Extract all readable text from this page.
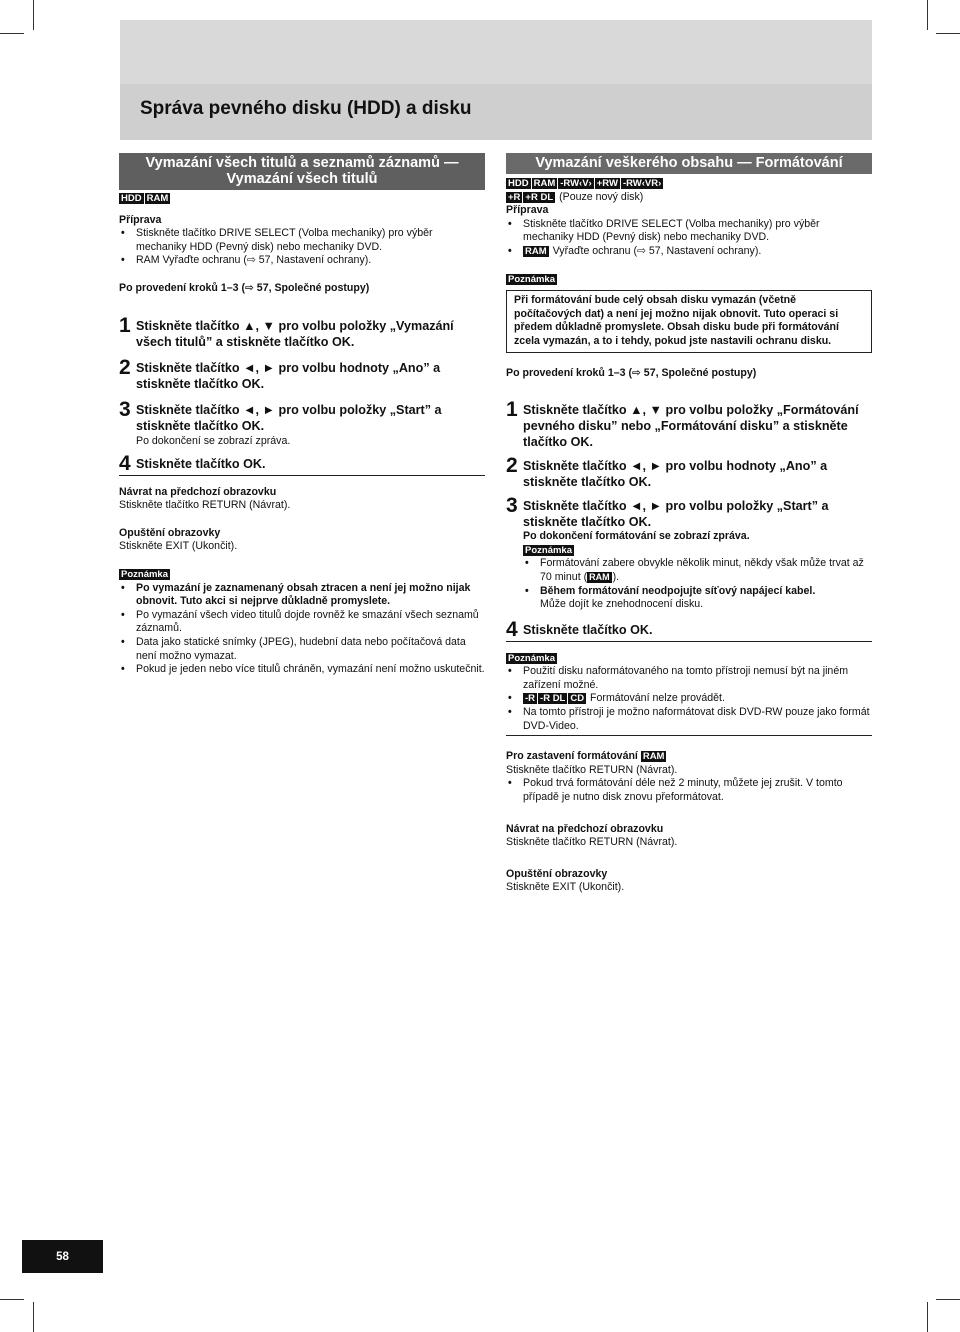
Správa pevného disku (HDD) a disku
Vymazání všech titulů a seznamů záznamů — Vymazání všech titulů
HDD RAM
Příprava
• Stiskněte tlačítko DRIVE SELECT (Volba mechaniky) pro výběr mechaniky HDD (Pevný disk) nebo mechaniky DVD.
• RAM Vyřaďte ochranu (⇨ 57, Nastavení ochrany).
Po provedení kroků 1–3 (⇨ 57, Společné postupy)
1 Stiskněte tlačítko ▲, ▼ pro volbu položky „Vymazání všech titulů” a stiskněte tlačítko OK.
2 Stiskněte tlačítko ◄, ► pro volbu hodnoty „Ano” a stiskněte tlačítko OK.
3 Stiskněte tlačítko ◄, ► pro volbu položky „Start” a stiskněte tlačítko OK.
Po dokončení se zobrazí zpráva.
4 Stiskněte tlačítko OK.
Návrat na předchozí obrazovku
Stiskněte tlačítko RETURN (Návrat).
Opuštění obrazovky
Stiskněte EXIT (Ukončit).
Poznámka
• Po vymazání je zaznamenaný obsah ztracen a není jej možno nijak obnovit. Tuto akci si nejprve důkladně promyslete.
• Po vymazání všech video titulů dojde rovněž ke smazání všech seznamů záznamů.
• Data jako statické snímky (JPEG), hudební data nebo počítačová data není možno vymazat.
• Pokud je jeden nebo více titulů chráněn, vymazání není možno uskutečnit.
Vymazání veškerého obsahu — Formátování
HDD RAM -RW‹V› +RW -RW‹VR›
+R +R DL (Pouze nový disk)
Příprava
• Stiskněte tlačítko DRIVE SELECT (Volba mechaniky) pro výběr mechaniky HDD (Pevný disk) nebo mechaniky DVD.
• RAM Vyřaďte ochranu (⇨ 57, Nastavení ochrany).
Poznámka
Při formátování bude celý obsah disku vymazán (včetně počítačových dat) a není jej možno nijak obnovit. Tuto operaci si předem důkladně promyslete. Obsah disku bude při formátování zcela vymazán, a to i tehdy, pokud jste nastavili ochranu disku.
Po provedení kroků 1–3 (⇨ 57, Společné postupy)
1 Stiskněte tlačítko ▲, ▼ pro volbu položky „Formátování pevného disku” nebo „Formátování disku” a stiskněte tlačítko OK.
2 Stiskněte tlačítko ◄, ► pro volbu hodnoty „Ano” a stiskněte tlačítko OK.
3 Stiskněte tlačítko ◄, ► pro volbu položky „Start” a stiskněte tlačítko OK.
Po dokončení formátování se zobrazí zpráva.
Poznámka
• Formátování zabere obvykle několik minut, někdy však může trvat až 70 minut ( RAM ).
• Během formátování neodpojujte síťový napájecí kabel.
Může dojít ke znehodnocení disku.
4 Stiskněte tlačítko OK.
Poznámka
• Použití disku naformátovaného na tomto přístroji nemusí být na jiném zařízení možné.
• -R -R DL CD Formátování nelze provádět.
• Na tomto přístroji je možno naformátovat disk DVD-RW pouze jako formát DVD-Video.
Pro zastavení formátování RAM
Stiskněte tlačítko RETURN (Návrat).
• Pokud trvá formátování déle než 2 minuty, můžete jej zrušit. V tomto případě je nutno disk znovu přeformátovat.
Návrat na předchozí obrazovku
Stiskněte tlačítko RETURN (Návrat).
Opuštění obrazovky
Stiskněte EXIT (Ukončit).
58
